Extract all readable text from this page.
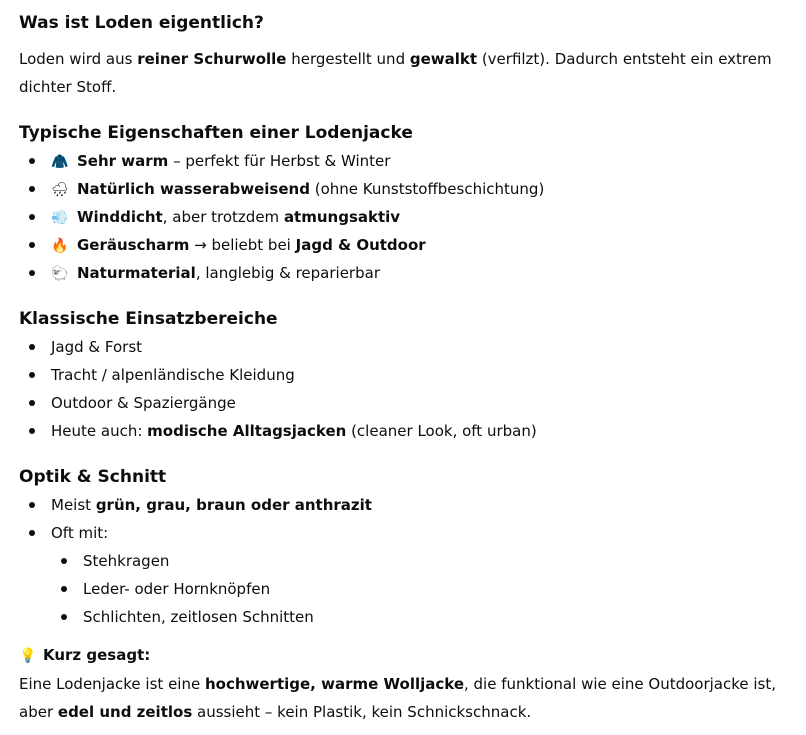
Was ist Loden eigentlich?

Loden wird aus reiner Schurwolle hergestellt und gewalkt (verfilzt). Dadurch entsteht ein extrem dichter Stoff.

Typische Eigenschaften einer Lodenjacke
🧥 Sehr warm – perfekt für Herbst & Winter
🌧 Natürlich wasserabweisend (ohne Kunststoffbeschichtung)
💨 Winddicht, aber trotzdem atmungsaktiv
🔥 Geräuscharm → beliebt bei Jagd & Outdoor
🐑 Naturmaterial, langlebig & reparierbar
Klassische Einsatzbereiche
Jagd & Forst
Tracht / alpenländische Kleidung
Outdoor & Spaziergänge
Heute auch: modische Alltagsjacken (cleaner Look, oft urban)
Optik & Schnitt
Meist grün, grau, braun oder anthrazit
Oft mit:
Stehkragen
Leder- oder Hornknöpfen
Schlichten, zeitlosen Schnitten

💡 Kurz gesagt:

Eine Lodenjacke ist eine hochwertige, warme Wolljacke, die funktional wie eine Outdoorjacke ist, aber edel und zeitlos aussieht – kein Plastik, kein Schnickschnack.
